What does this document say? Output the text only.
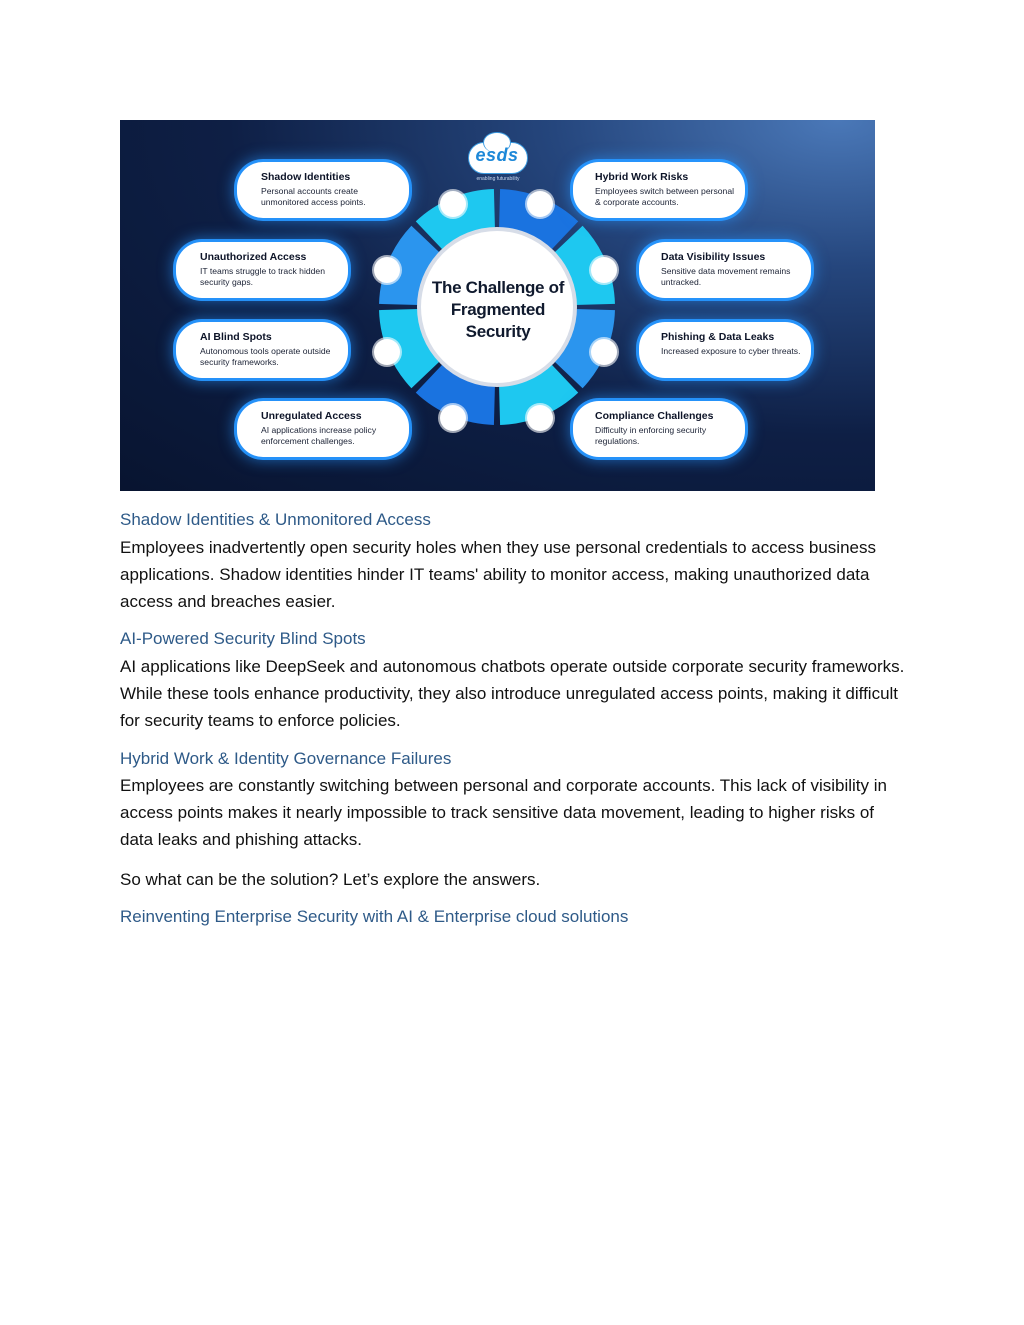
esds
enabling futurability
The Challenge of Fragmented Security
Shadow Identities
Personal accounts create unmonitored access points.
Unauthorized Access
IT teams struggle to track hidden security gaps.
AI Blind Spots
Autonomous tools operate outside security frameworks.
Unregulated Access
AI applications increase policy enforcement challenges.
Hybrid Work Risks
Employees switch between personal & corporate accounts.
Data Visibility Issues
Sensitive data movement remains untracked.
Phishing & Data Leaks
Increased exposure to cyber threats.
Compliance Challenges
Difficulty in enforcing security regulations.
Shadow Identities & Unmonitored Access
Employees inadvertently open security holes when they use personal credentials to access business applications. Shadow identities hinder IT teams' ability to monitor access, making unauthorized data access and breaches easier.
AI-Powered Security Blind Spots
AI applications like DeepSeek and autonomous chatbots operate outside corporate security frameworks. While these tools enhance productivity, they also introduce unregulated access points, making it difficult for security teams to enforce policies.
Hybrid Work & Identity Governance Failures
Employees are constantly switching between personal and corporate accounts. This lack of visibility in access points makes it nearly impossible to track sensitive data movement, leading to higher risks of data leaks and phishing attacks.
So what can be the solution? Let’s explore the answers.
Reinventing Enterprise Security with AI & Enterprise cloud solutions
